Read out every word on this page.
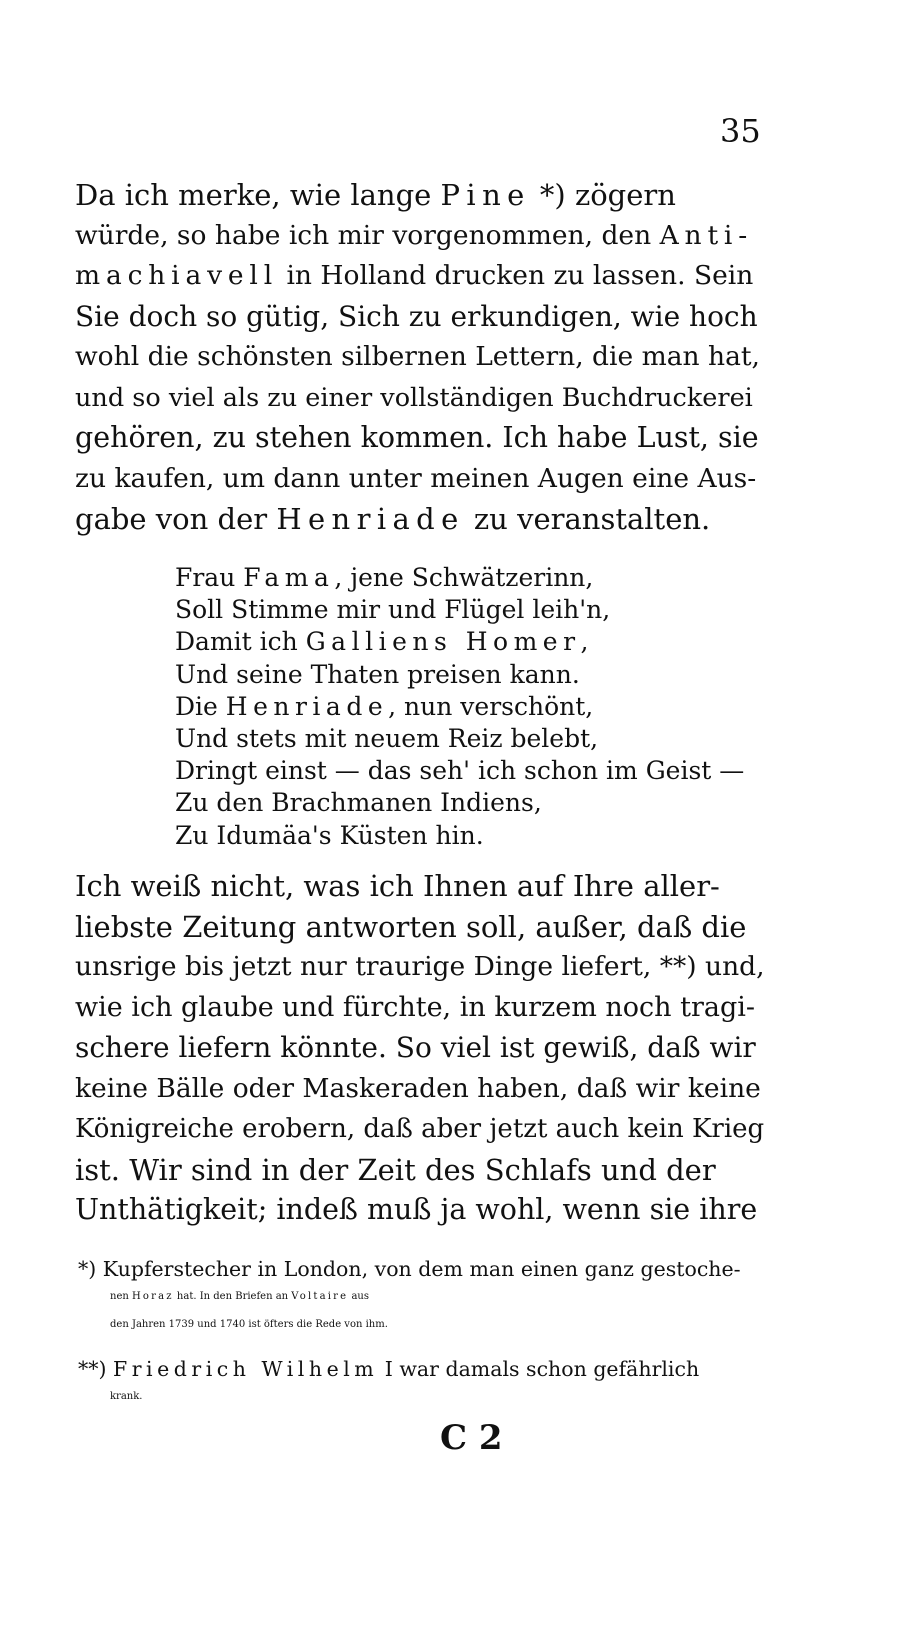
35
Da ich merke, wie lange Pine *) zögern
würde, so habe ich mir vorgenommen, den Anti-
machiavell in Holland drucken zu lassen. Sein
Sie doch so gütig, Sich zu erkundigen, wie hoch
wohl die schönsten silbernen Lettern, die man hat,
und so viel als zu einer vollständigen Buchdruckerei
gehören, zu stehen kommen. Ich habe Lust, sie
zu kaufen, um dann unter meinen Augen eine Aus-
gabe von der Henriade zu veranstalten.
Frau Fama, jene Schwätzerinn,
Soll Stimme mir und Flügel leih'n,
Damit ich Galliens Homer,
Und seine Thaten preisen kann.
Die Henriade, nun verschönt,
Und stets mit neuem Reiz belebt,
Dringt einst — das seh' ich schon im Geist —
Zu den Brachmanen Indiens,
Zu Idumäa's Küsten hin.
Ich weiß nicht, was ich Ihnen auf Ihre aller-
liebste Zeitung antworten soll, außer, daß die
unsrige bis jetzt nur traurige Dinge liefert, **) und,
wie ich glaube und fürchte, in kurzem noch tragi-
schere liefern könnte. So viel ist gewiß, daß wir
keine Bälle oder Maskeraden haben, daß wir keine
Königreiche erobern, daß aber jetzt auch kein Krieg
ist. Wir sind in der Zeit des Schlafs und der
Unthätigkeit; indeß muß ja wohl, wenn sie ihre
*) Kupferstecher in London, von dem man einen ganz gestoche-
nen Horaz hat. In den Briefen an Voltaire aus
den Jahren 1739 und 1740 ist öfters die Rede von ihm.
**) Friedrich Wilhelm I war damals schon gefährlich
krank.
C 2
